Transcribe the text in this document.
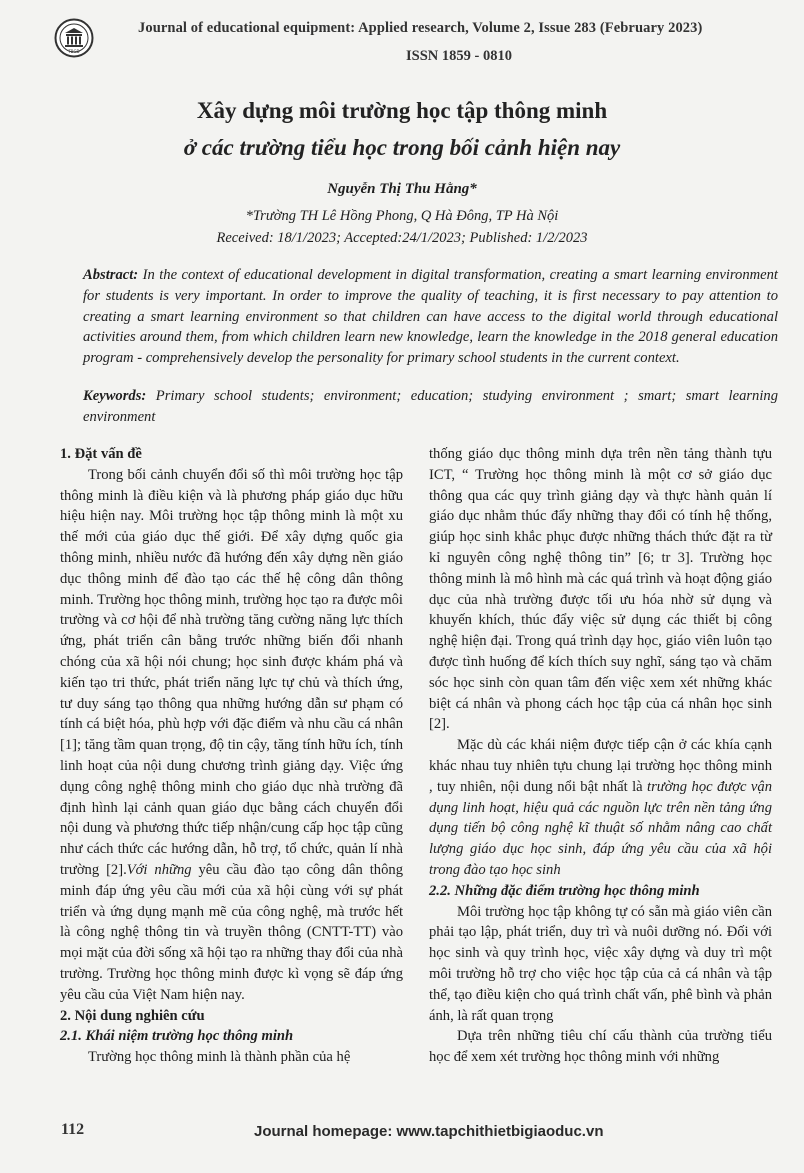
TBGD
Journal of educational equipment: Applied research, Volume 2, Issue 283 (February 2023)
ISSN 1859 - 0810
Xây dựng môi trường học tập thông minh
ở các trường tiểu học trong bối cảnh hiện nay
Nguyễn Thị Thu Hằng*
*Trường TH Lê Hồng Phong, Q Hà Đông, TP Hà Nội
Received: 18/1/2023; Accepted:24/1/2023; Published: 1/2/2023

Abstract: In the context of educational development in digital transformation, creating a smart learning environment for students is very important. In order to improve the quality of teaching, it is first necessary to pay attention to creating a smart learning environment so that children can have access to the digital world through educational activities around them, from which children learn new knowledge, learn the knowledge in the 2018 general education program - comprehensively develop the personality for primary school students in the current context.

Keywords: Primary school students; environment; education; studying environment ; smart; smart learning environment

1. Đặt vấn đề

Trong bối cảnh chuyển đổi số thì môi trường học tập thông minh là điều kiện và là phương pháp giáo dục hữu hiệu hiện nay. Môi trường học tập thông minh là một xu thế mới của giáo dục thế giới. Để xây dựng quốc gia thông minh, nhiều nước đã hướng đến xây dựng nền giáo dục thông minh để đào tạo các thế hệ công dân thông minh. Trường học thông minh, trường học tạo ra được môi trường và cơ hội để nhà trường tăng cường năng lực thích ứng, phát triển cân bằng trước những biến đổi nhanh chóng của xã hội nói chung; học sinh được khám phá và kiến tạo tri thức, phát triển năng lực tự chủ và thích ứng, tư duy sáng tạo thông qua những hướng dẫn sư phạm có tính cá biệt hóa, phù hợp với đặc điểm và nhu cầu cá nhân [1]; tăng tầm quan trọng, độ tin cậy, tăng tính hữu ích, tính linh hoạt của nội dung chương trình giảng dạy. Việc ứng dụng công nghệ thông minh cho giáo dục nhà trường đã định hình lại cảnh quan giáo dục bằng cách chuyển đổi nội dung và phương thức tiếp nhận/cung cấp học tập cũng như cách thức các hướng dẫn, hỗ trợ, tổ chức, quản lí nhà trường [2].Với những yêu cầu đào tạo công dân thông minh đáp ứng yêu cầu mới của xã hội cùng với sự phát triển và ứng dụng mạnh mẽ của công nghệ, mà trước hết là công nghệ thông tin và truyền thông (CNTT-TT) vào mọi mặt của đời sống xã hội tạo ra những thay đổi của nhà trường. Trường học thông minh được kì vọng sẽ đáp ứng yêu cầu của Việt Nam hiện nay.

2. Nội dung nghiên cứu

2.1. Khái niệm trường học thông minh

Trường học thông minh là thành phần của hệ

thống giáo dục thông minh dựa trên nền tảng thành tựu ICT, “ Trường học thông minh là một cơ sở giáo dục thông qua các quy trình giảng dạy và thực hành quản lí giáo dục nhằm thúc đẩy những thay đổi có tính hệ thống, giúp học sinh khắc phục được những thách thức đặt ra từ kỉ nguyên công nghệ thông tin” [6; tr 3]. Trường học thông minh là mô hình mà các quá trình và hoạt động giáo dục của nhà trường được tối ưu hóa nhờ sử dụng và khuyến khích, thúc đẩy việc sử dụng các thiết bị công nghệ hiện đại. Trong quá trình dạy học, giáo viên luôn tạo được tình huống để kích thích suy nghĩ, sáng tạo và chăm sóc học sinh còn quan tâm đến việc xem xét những khác biệt cá nhân và phong cách học tập của cá nhân học sinh [2].

Mặc dù các khái niệm được tiếp cận ở các khía cạnh khác nhau tuy nhiên tựu chung lại trường học thông minh , tuy nhiên, nội dung nổi bật nhất là trường học được vận dụng linh hoạt, hiệu quả các nguồn lực trên nền tảng ứng dụng tiến bộ công nghệ kĩ thuật số nhằm nâng cao chất lượng giáo dục học sinh, đáp ứng yêu cầu của xã hội trong đào tạo học sinh

2.2. Những đặc điểm trường học thông minh

Môi trường học tập không tự có sẵn mà giáo viên cần phải tạo lập, phát triển, duy trì và nuôi dưỡng nó. Đối với học sinh và quy trình học, việc xây dựng và duy trì một môi trường hỗ trợ cho việc học tập của cả cá nhân và tập thể, tạo điều kiện cho quá trình chất vấn, phê bình và phản ánh, là rất quan trọng

Dựa trên những tiêu chí cấu thành của trường tiểu học để xem xét trường học thông minh với những

112	Journal homepage: www.tapchithietbigiaoduc.vn
